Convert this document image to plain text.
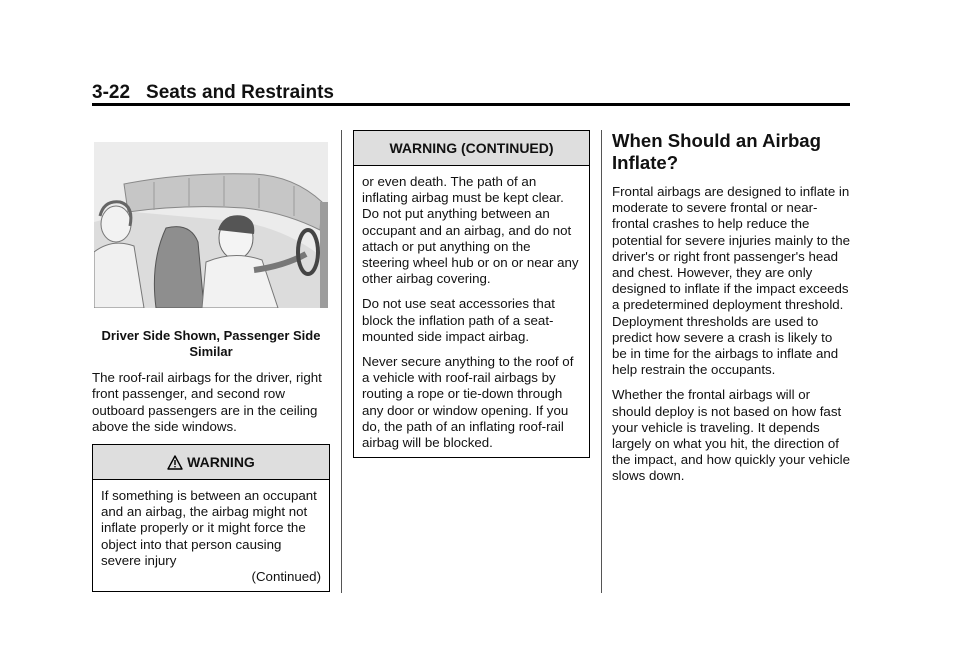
3-22 Seats and Restraints
Driver Side Shown, Passenger Side Similar

The roof-rail airbags for the driver, right front passenger, and second row outboard passengers are in the ceiling above the side windows.

WARNING
If something is between an occupant and an airbag, the airbag might not inflate properly or it might force the object into that person causing severe injury
(Continued)
WARNING (CONTINUED)

or even death. The path of an inflating airbag must be kept clear. Do not put anything between an occupant and an airbag, and do not attach or put anything on the steering wheel hub or on or near any other airbag covering.

Do not use seat accessories that block the inflation path of a seat-mounted side impact airbag.

Never secure anything to the roof of a vehicle with roof-rail airbags by routing a rope or tie-down through any door or window opening. If you do, the path of an inflating roof-rail airbag will be blocked.

When Should an Airbag Inflate?

Frontal airbags are designed to inflate in moderate to severe frontal or near-frontal crashes to help reduce the potential for severe injuries mainly to the driver's or right front passenger's head and chest. However, they are only designed to inflate if the impact exceeds a predetermined deployment threshold. Deployment thresholds are used to predict how severe a crash is likely to be in time for the airbags to inflate and help restrain the occupants.

Whether the frontal airbags will or should deploy is not based on how fast your vehicle is traveling. It depends largely on what you hit, the direction of the impact, and how quickly your vehicle slows down.
